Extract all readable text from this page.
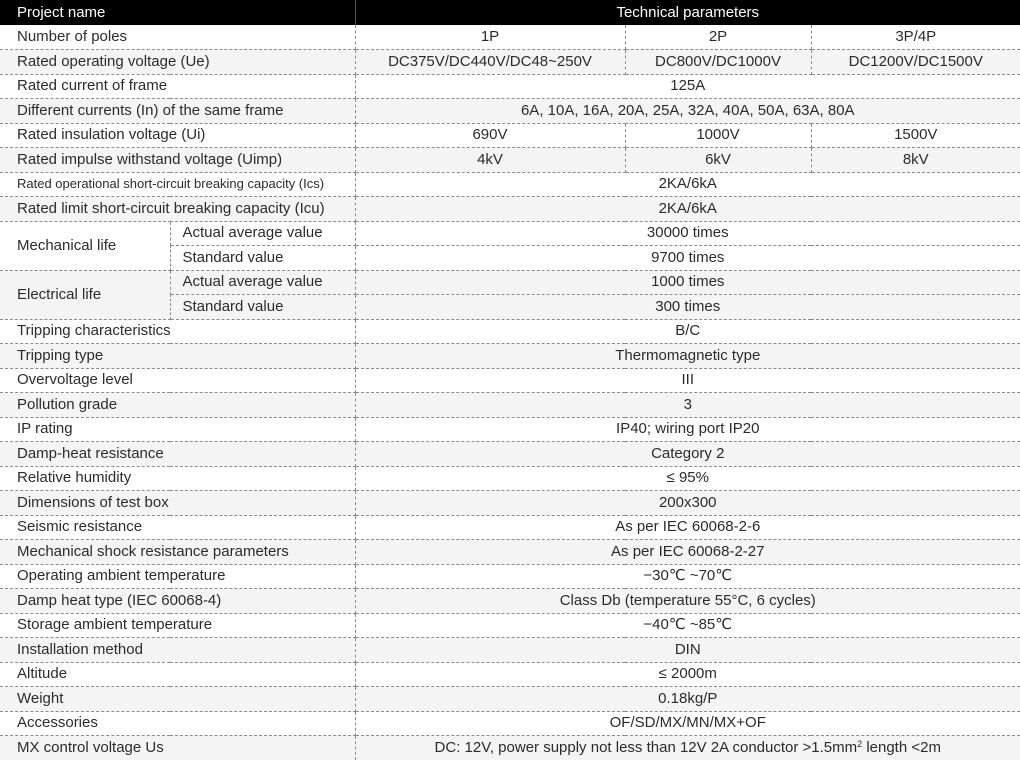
Project name		Technical parameters		
Number of poles		1P	2P	3P/4P
Rated operating voltage (Ue)		DC375V/DC440V/DC48~250V	DC800V/DC1000V	DC1200V/DC1500V
Rated current of frame		125A		
Different currents (In) of the same frame		6A, 10A, 16A, 20A, 25A, 32A, 40A, 50A, 63A, 80A		
Rated insulation voltage (Ui)		690V	1000V	1500V
Rated impulse withstand voltage (Uimp)		4kV	6kV	8kV
Rated operational short-circuit breaking capacity (Ics)		2KA/6kA		
Rated limit short-circuit breaking capacity (Icu)		2KA/6kA		
Mechanical life	Actual average value	30000 times		
	Standard value	9700 times		
Electrical life	Actual average value	1000 times		
	Standard value	300 times		
Tripping characteristics		B/C		
Tripping type		Thermomagnetic type		
Overvoltage level		III		
Pollution grade		3		
IP rating		IP40; wiring port IP20		
Damp-heat resistance		Category 2		
Relative humidity		≤ 95%		
Dimensions of test box		200x300		
Seismic resistance		As per IEC 60068-2-6		
Mechanical shock resistance parameters		As per IEC 60068-2-27		
Operating ambient temperature		−30℃ ~70℃		
Damp heat type (IEC 60068-4)		Class Db (temperature 55°C, 6 cycles)		
Storage ambient temperature		−40℃ ~85℃		
Installation method		DIN		
Altitude		≤ 2000m		
Weight		0.18kg/P		
Accessories		OF/SD/MX/MN/MX+OF		
MX control voltage Us		DC: 12V, power supply not less than 12V 2A conductor $>1.5mm^2$ length <2m		
